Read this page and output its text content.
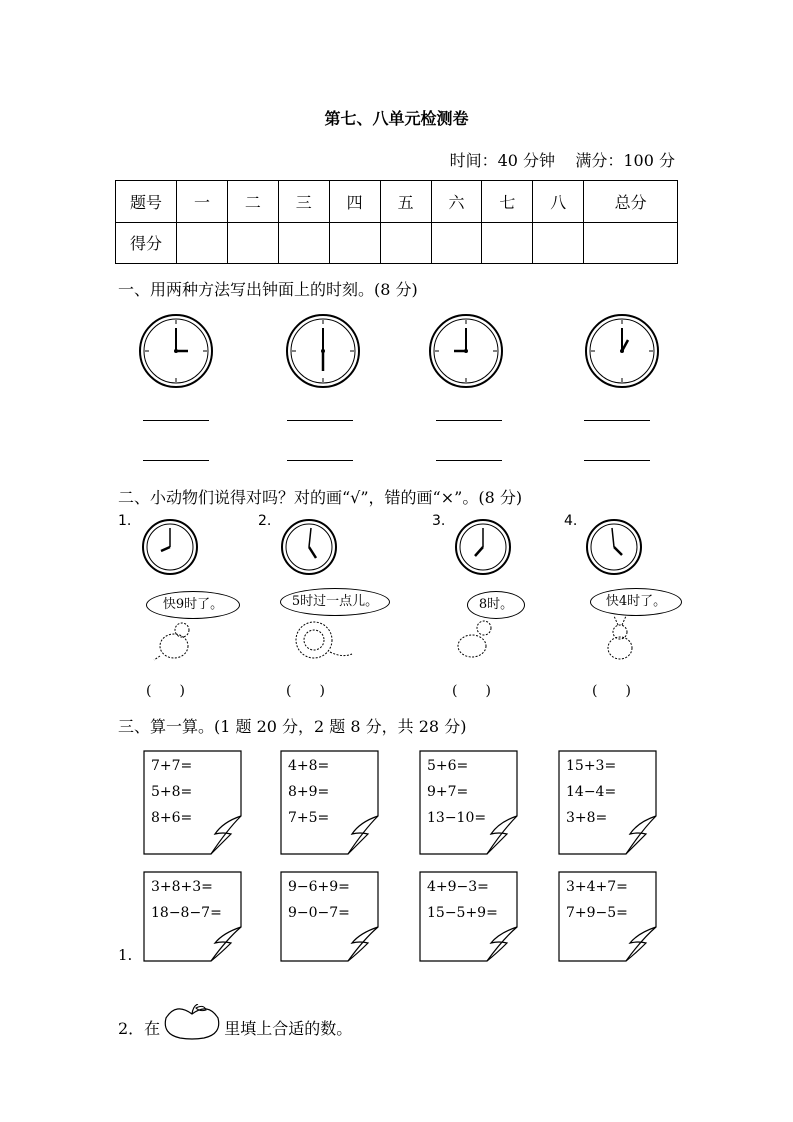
第七、八单元检测卷
时间：40 分钟 满分：100 分
题号	一	二	三	四	五	六	七	八	总分
得分									
一、用两种方法写出钟面上的时刻。(8 分)
二、小动物们说得对吗？对的画“√”，错的画“×”。(8 分)
1.	2.	3.	4.
快9时了。	5时过一点儿。	8时。	快4时了。
(　　)	(　　)	(　　)	(　　)
三、算一算。(1 题 20 分，2 题 8 分，共 28 分)
7+7=
5+8=
8+6=
4+8=
8+9=
7+5=
5+6=
9+7=
13−10=
15+3=
14−4=
3+8=
1.
3+8+3=
18−8−7=
9−6+9=
9−0−7=
4+9−3=
15−5+9=
3+4+7=
7+9−5=
2．在	里填上合适的数。
